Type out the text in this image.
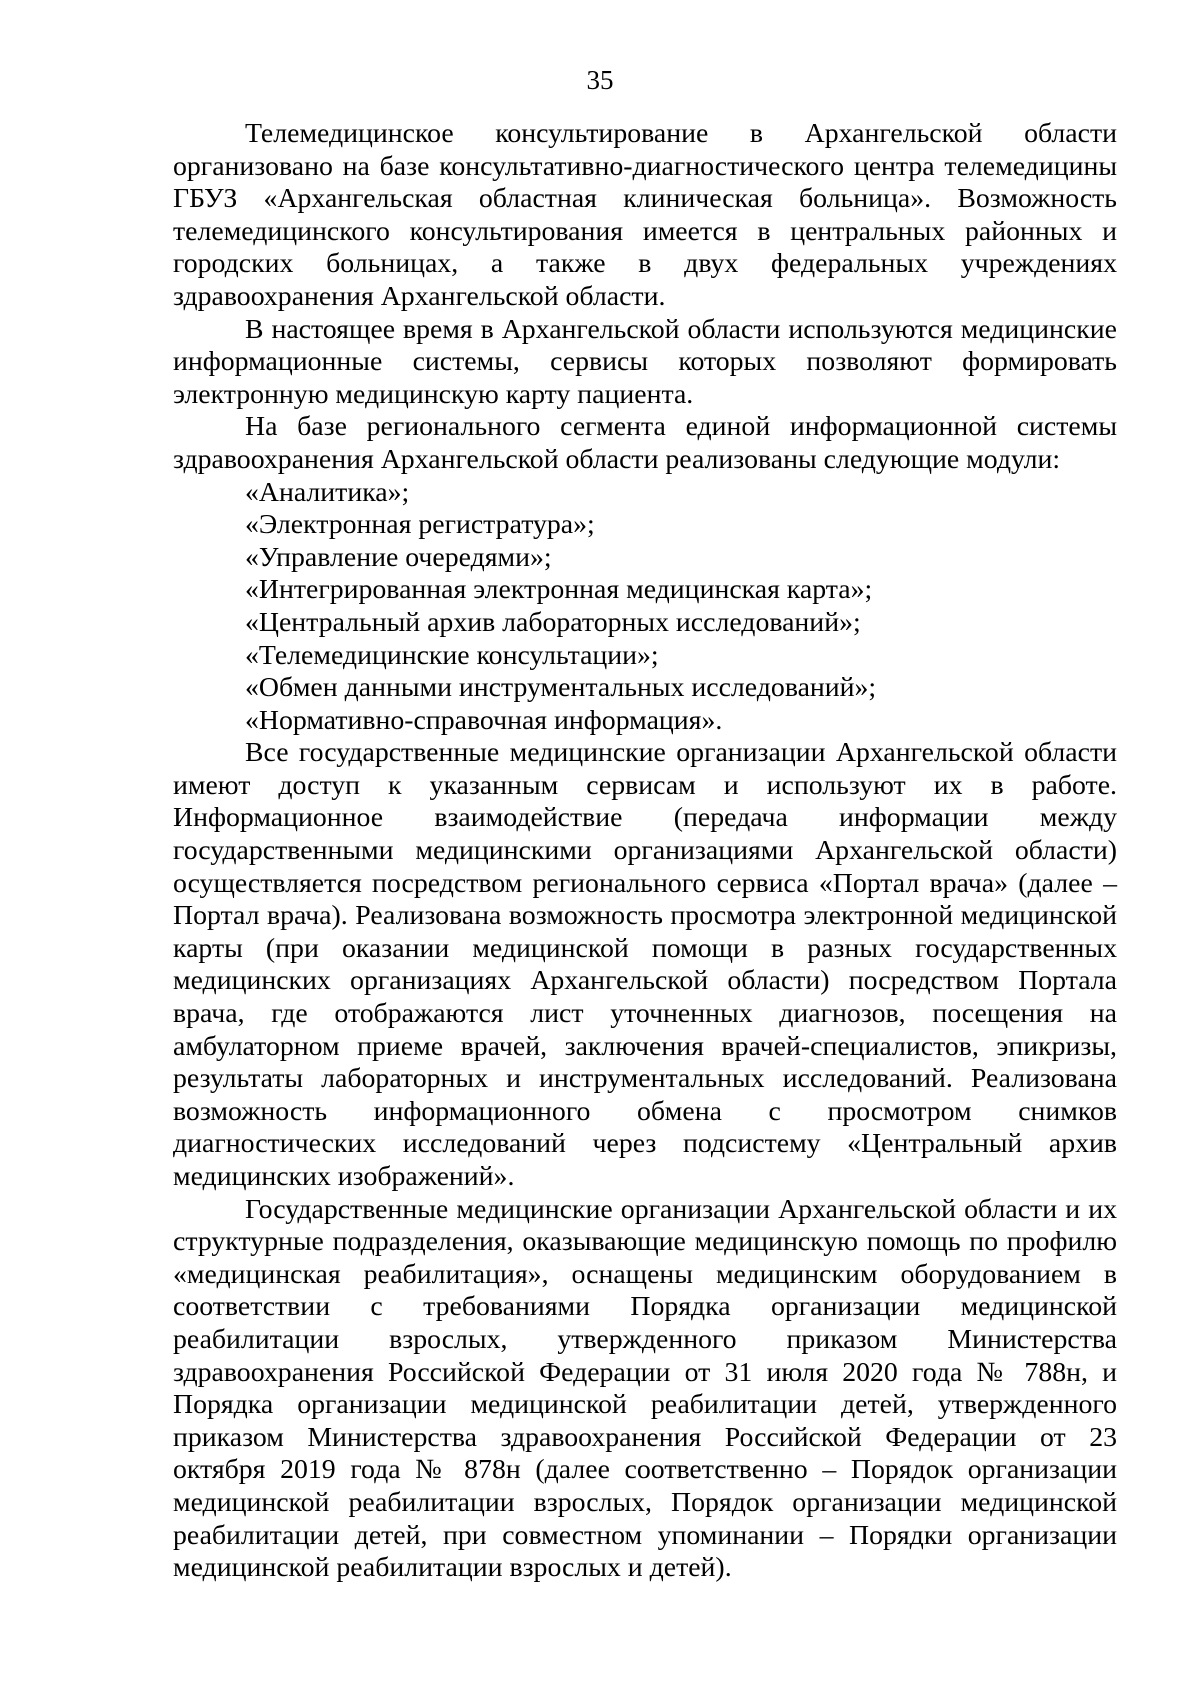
35

Телемедицинское консультирование в Архангельской области организовано на базе консультативно-диагностического центра телемедицины ГБУЗ «Архангельская областная клиническая больница». Возможность телемедицинского консультирования имеется в центральных районных и городских больницах, а также в двух федеральных учреждениях здравоохранения Архангельской области.

В настоящее время в Архангельской области используются медицинские информационные системы, сервисы которых позволяют формировать электронную медицинскую карту пациента.

На базе регионального сегмента единой информационной системы здравоохранения Архангельской области реализованы следующие модули:

«Аналитика»;

«Электронная регистратура»;

«Управление очередями»;

«Интегрированная электронная медицинская карта»;

«Центральный архив лабораторных исследований»;

«Телемедицинские консультации»;

«Обмен данными инструментальных исследований»;

«Нормативно-справочная информация».

Все государственные медицинские организации Архангельской области имеют доступ к указанным сервисам и используют их в работе. Информационное взаимодействие (передача информации между государственными медицинскими организациями Архангельской области) осуществляется посредством регионального сервиса «Портал врача» (далее – Портал врача). Реализована возможность просмотра электронной медицинской карты (при оказании медицинской помощи в разных государственных медицинских организациях Архангельской области) посредством Портала врача, где отображаются лист уточненных диагнозов, посещения на амбулаторном приеме врачей, заключения врачей-специалистов, эпикризы, результаты лабораторных и инструментальных исследований. Реализована возможность информационного обмена с просмотром снимков диагностических исследований через подсистему «Центральный архив медицинских изображений».

Государственные медицинские организации Архангельской области и их структурные подразделения, оказывающие медицинскую помощь по профилю «медицинская реабилитация», оснащены медицинским оборудованием в соответствии с требованиями Порядка организации медицинской реабилитации взрослых, утвержденного приказом Министерства здравоохранения Российской Федерации от 31 июля 2020 года № 788н, и Порядка организации медицинской реабилитации детей, утвержденного приказом Министерства здравоохранения Российской Федерации от 23 октября 2019 года № 878н (далее соответственно – Порядок организации медицинской реабилитации взрослых, Порядок организации медицинской реабилитации детей, при совместном упоминании – Порядки организации медицинской реабилитации взрослых и детей).
